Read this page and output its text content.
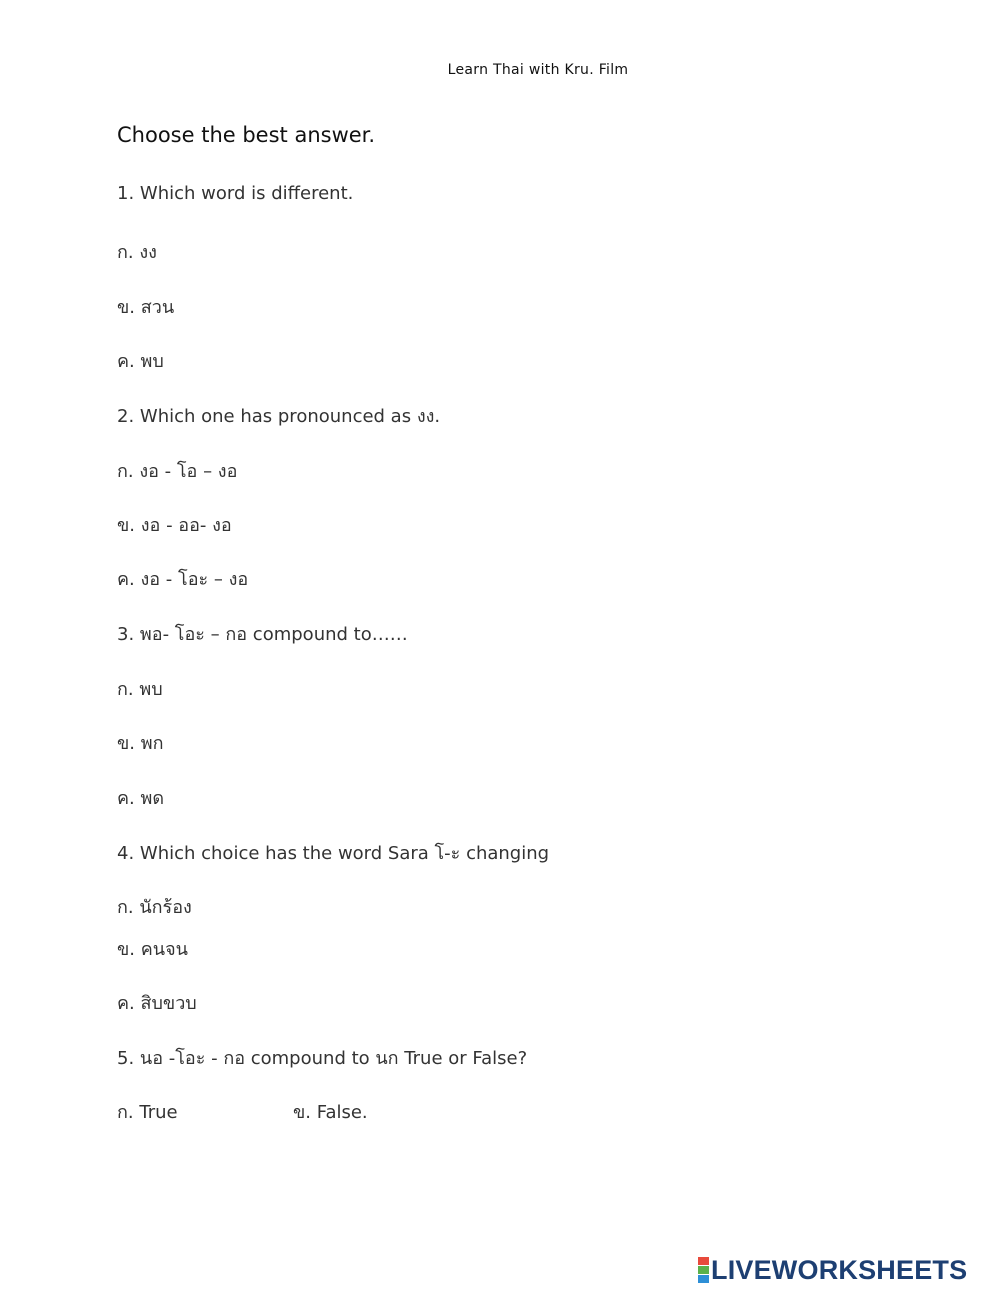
Learn Thai with Kru. Film
Choose the best answer.
1. Which word is different.
ก. งง
ข. สวน
ค. พบ
2. Which one has pronounced as งง.
ก. งอ - โอ – งอ
ข. งอ - ออ- งอ
ค. งอ - โอะ – งอ
3. พอ- โอะ – กอ compound to……
ก. พบ
ข. พก
ค. พด
4. Which choice has the word Sara โ-ะ changing
ก. นักร้อง
ข. คนจน
ค. สิบขวบ
5. นอ -โอะ - กอ compound to นก True or False?
ก. True	ข. False.
LIVEWORKSHEETS
